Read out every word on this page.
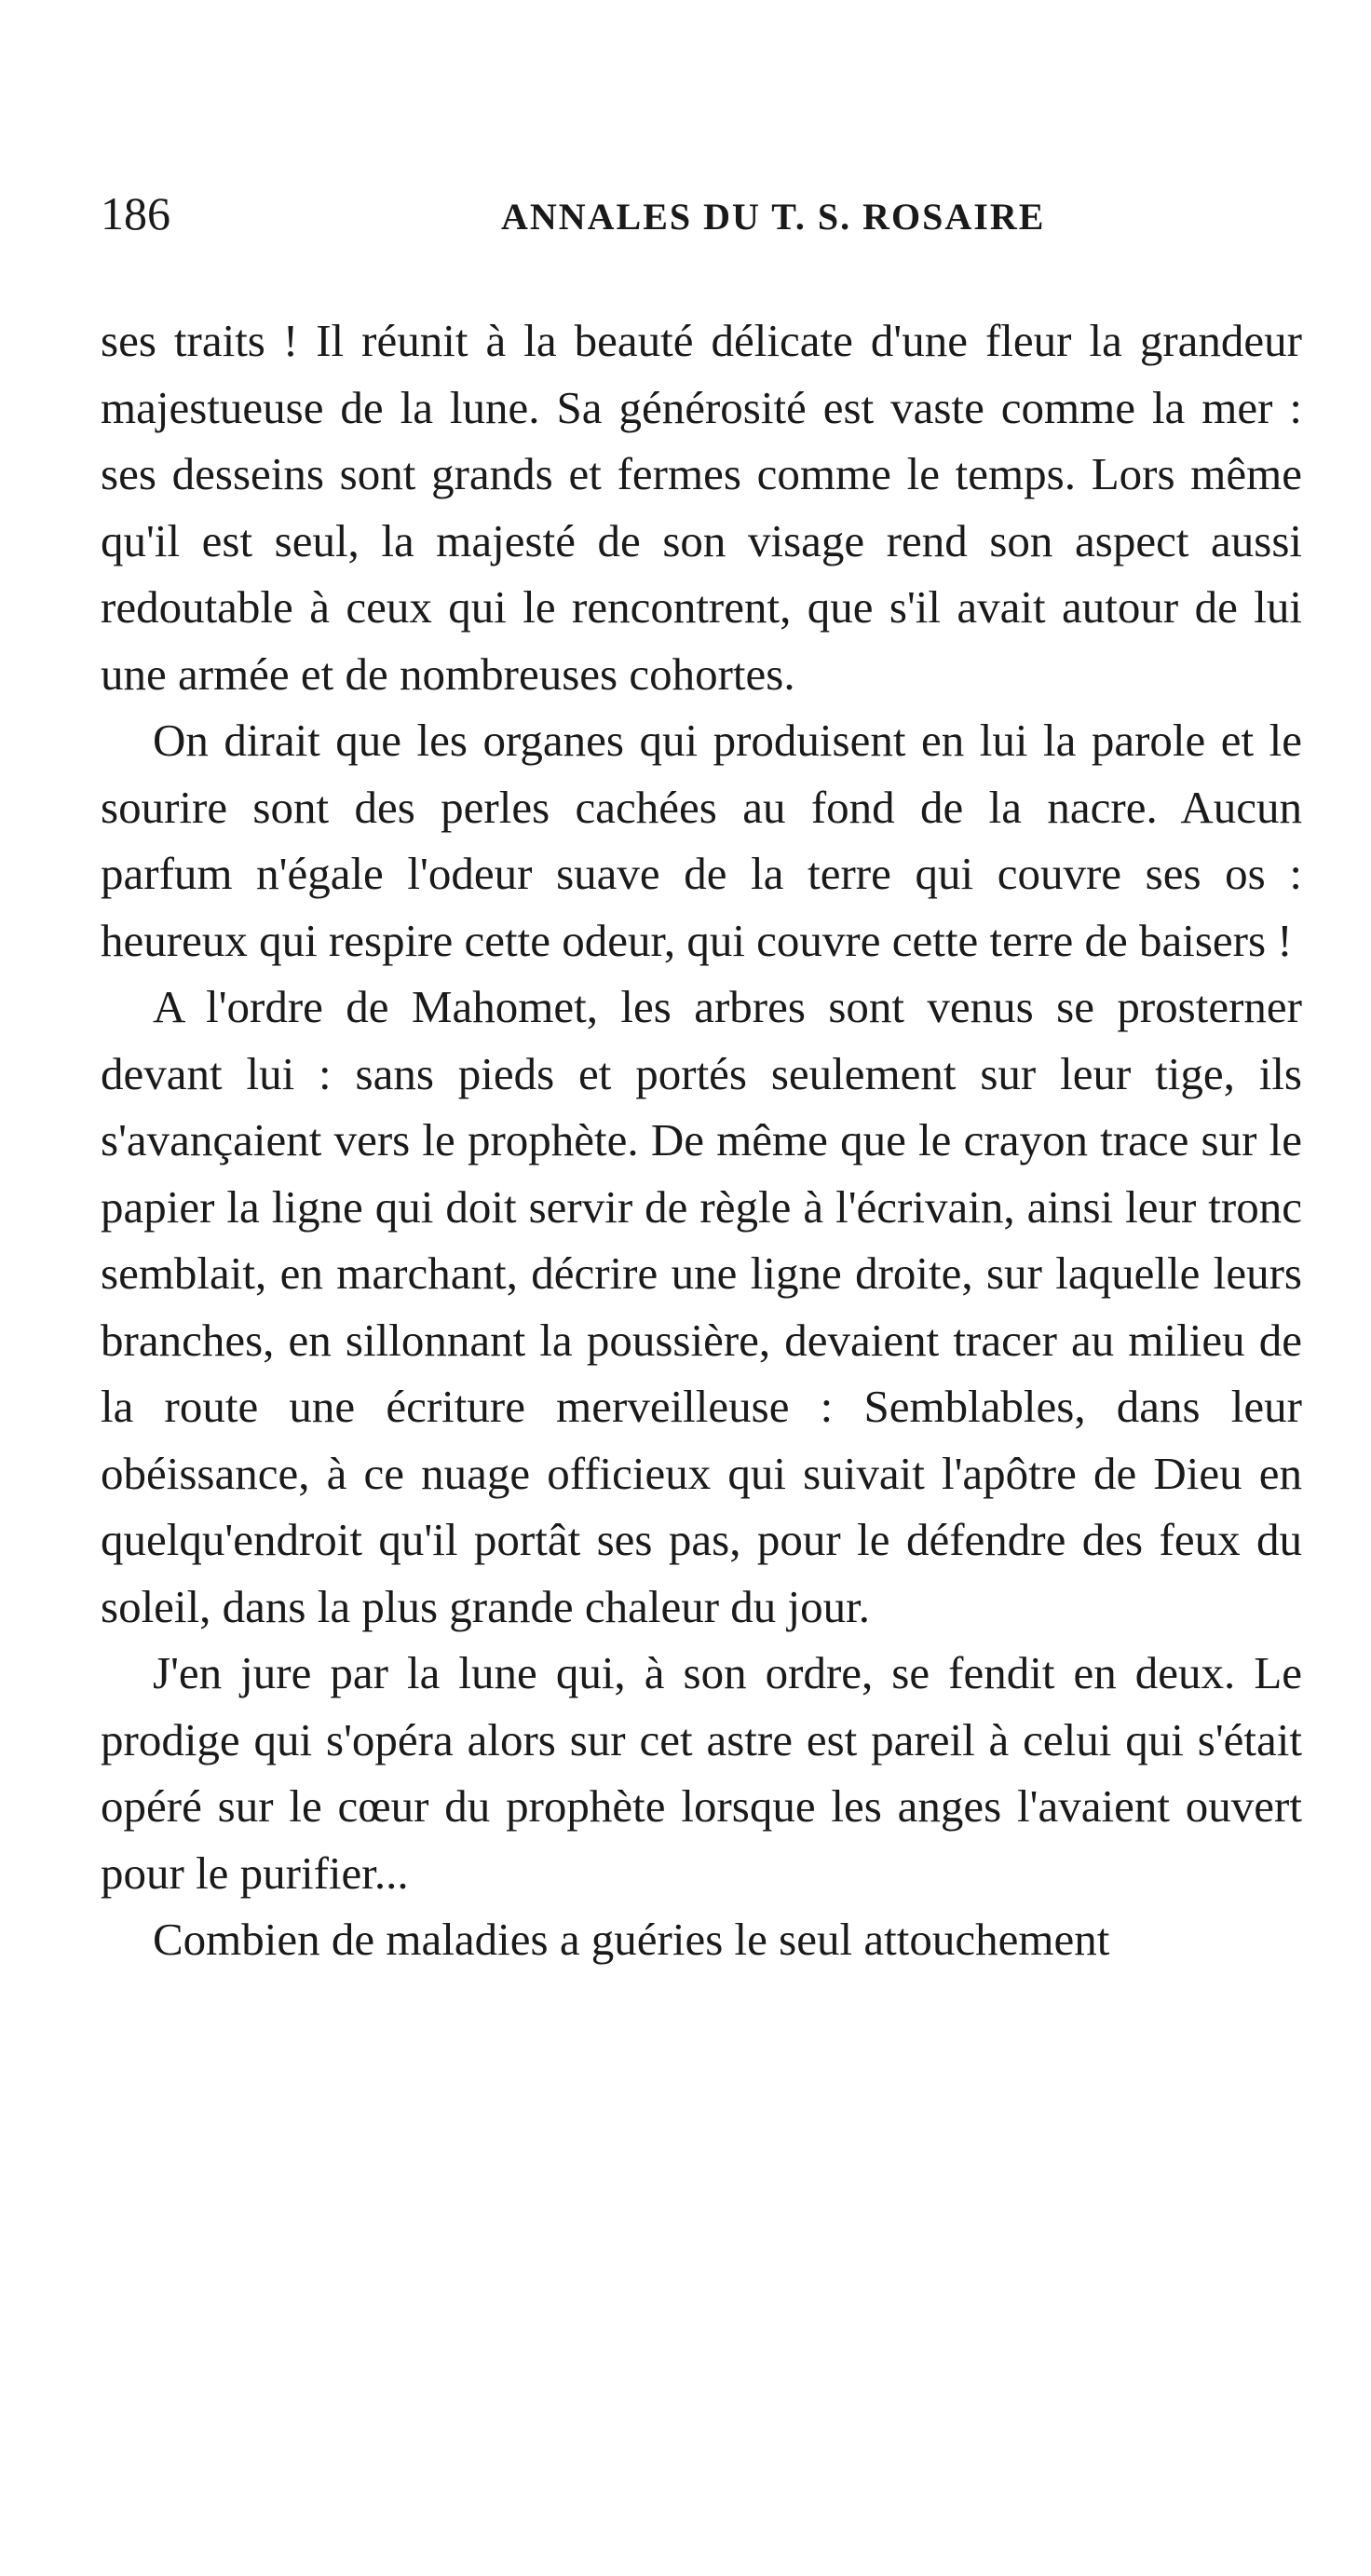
186	ANNALES DU T. S. ROSAIRE

ses traits ! Il réunit à la beauté délicate d'une fleur la grandeur majestueuse de la lune. Sa générosité est vaste comme la mer : ses desseins sont grands et fermes comme le temps. Lors même qu'il est seul, la majesté de son visage rend son aspect aussi redoutable à ceux qui le rencontrent, que s'il avait autour de lui une armée et de nombreuses cohortes.

On dirait que les organes qui produisent en lui la parole et le sourire sont des perles cachées au fond de la nacre. Aucun parfum n'égale l'odeur suave de la terre qui couvre ses os : heureux qui respire cette odeur, qui couvre cette terre de baisers !

A l'ordre de Mahomet, les arbres sont venus se prosterner devant lui : sans pieds et portés seulement sur leur tige, ils s'avançaient vers le prophète. De même que le crayon trace sur le papier la ligne qui doit servir de règle à l'écrivain, ainsi leur tronc semblait, en marchant, décrire une ligne droite, sur laquelle leurs branches, en sillonnant la poussière, devaient tracer au milieu de la route une écriture merveilleuse : Semblables, dans leur obéissance, à ce nuage officieux qui suivait l'apôtre de Dieu en quelqu'endroit qu'il portât ses pas, pour le défendre des feux du soleil, dans la plus grande chaleur du jour.

J'en jure par la lune qui, à son ordre, se fendit en deux. Le prodige qui s'opéra alors sur cet astre est pareil à celui qui s'était opéré sur le cœur du prophète lorsque les anges l'avaient ouvert pour le purifier...

Combien de maladies a guéries le seul attouchement
